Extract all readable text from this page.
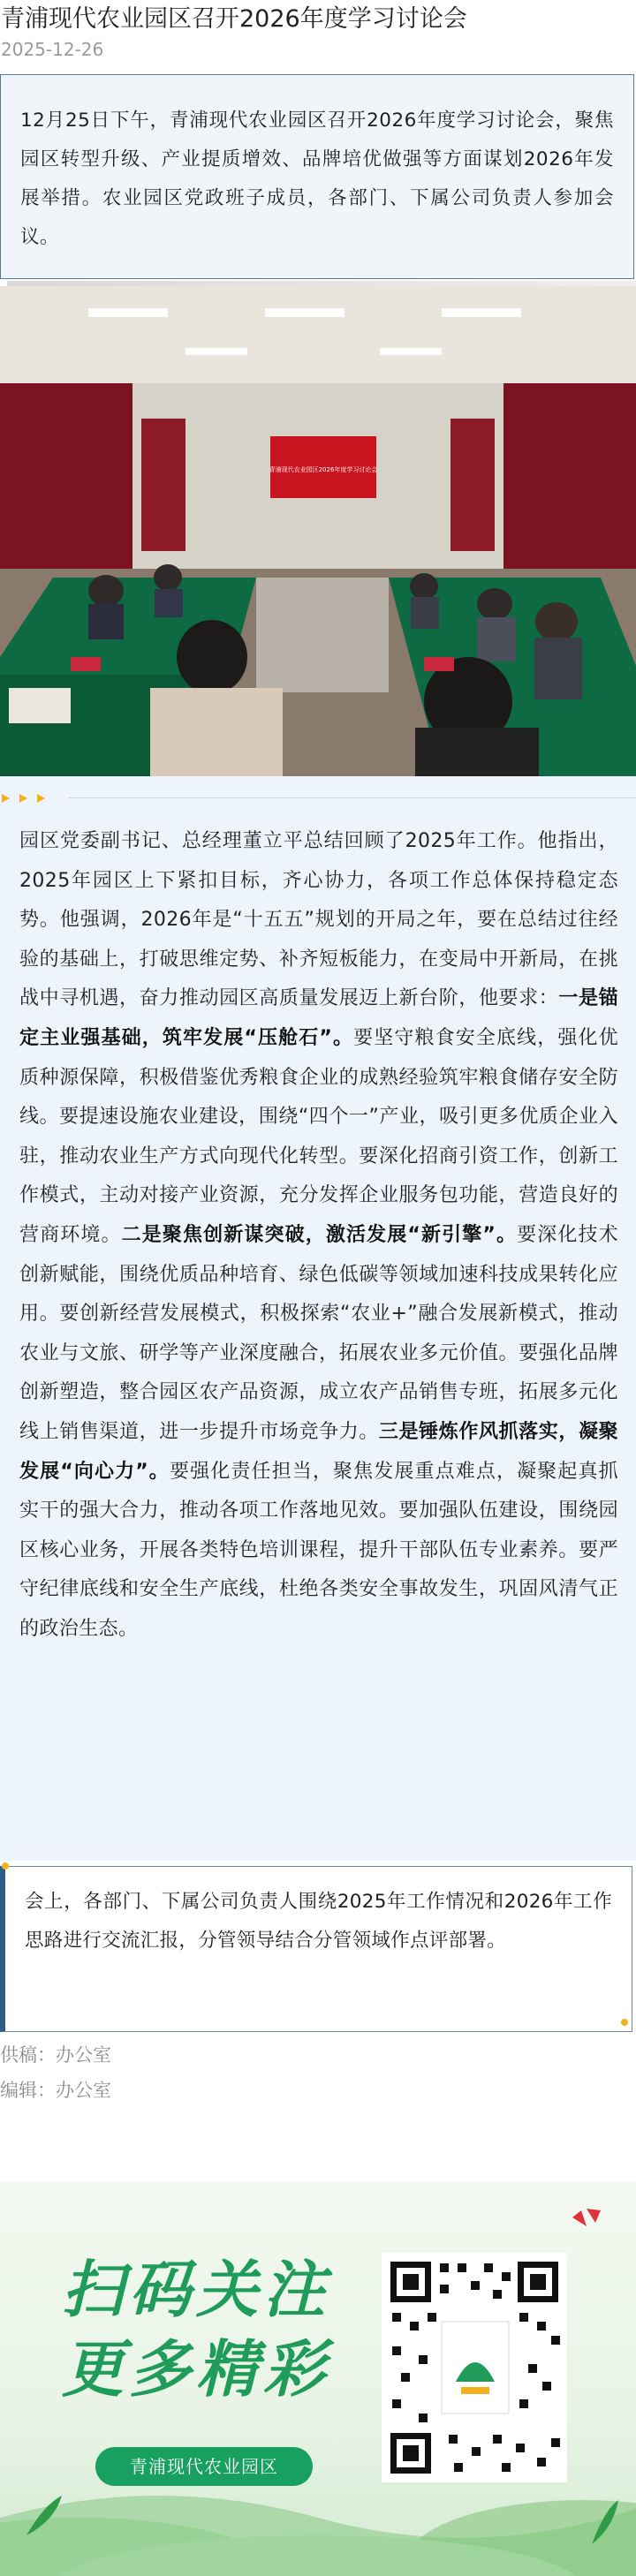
青浦现代农业园区召开2026年度学习讨论会
2025-12-26
12月25日下午，青浦现代农业园区召开2026年度学习讨论会，聚焦园区转型升级、产业提质增效、品牌培优做强等方面谋划2026年发展举措。农业园区党政班子成员，各部门、下属公司负责人参加会议。
青浦现代农业园区2026年度学习讨论会
园区党委副书记、总经理董立平总结回顾了2025年工作。他指出，2025年园区上下紧扣目标，齐心协力，各项工作总体保持稳定态势。他强调，2026年是“十五五”规划的开局之年，要在总结过往经验的基础上，打破思维定势、补齐短板能力，在变局中开新局，在挑战中寻机遇，奋力推动园区高质量发展迈上新台阶，他要求：一是锚定主业强基础，筑牢发展“压舱石”。要坚守粮食安全底线，强化优质种源保障，积极借鉴优秀粮食企业的成熟经验筑牢粮食储存安全防线。要提速设施农业建设，围绕“四个一”产业，吸引更多优质企业入驻，推动农业生产方式向现代化转型。要深化招商引资工作，创新工作模式，主动对接产业资源，充分发挥企业服务包功能，营造良好的营商环境。二是聚焦创新谋突破，激活发展“新引擎”。要深化技术创新赋能，围绕优质品种培育、绿色低碳等领域加速科技成果转化应用。要创新经营发展模式，积极探索“农业+”融合发展新模式，推动农业与文旅、研学等产业深度融合，拓展农业多元价值。要强化品牌创新塑造，整合园区农产品资源，成立农产品销售专班，拓展多元化线上销售渠道，进一步提升市场竞争力。三是锤炼作风抓落实，凝聚发展“向心力”。要强化责任担当，聚焦发展重点难点，凝聚起真抓实干的强大合力，推动各项工作落地见效。要加强队伍建设，围绕园区核心业务，开展各类特色培训课程，提升干部队伍专业素养。要严守纪律底线和安全生产底线，杜绝各类安全事故发生，巩固风清气正的政治生态。
会上，各部门、下属公司负责人围绕2025年工作情况和2026年工作思路进行交流汇报，分管领导结合分管领域作点评部署。
供稿：办公室
编辑：办公室
扫码关注
更多精彩
青浦现代农业园区
